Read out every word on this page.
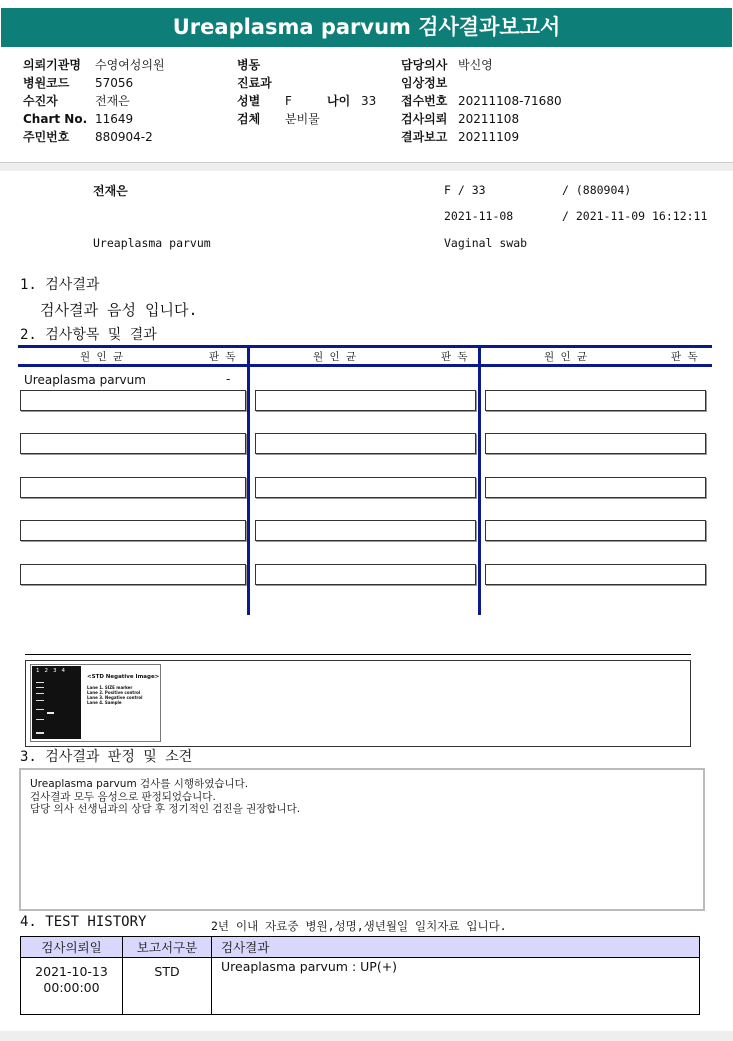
Ureaplasma parvum 검사결과보고서
의뢰기관명 수영여성의원
병원코드 57056
수진자	전재은
Chart No. 11649
주민번호 880904-2
병동
진료과
성별 F	나이 33
검체 분비물
담당의사 박신영
임상정보
접수번호 20211108-71680
검사의뢰 20211108
결과보고 20211109
전재은	F / 33	/ (880904)
2021-11-08	/ 2021-11-09 16:12:11
Ureaplasma parvum	Vaginal swab
1. 검사결과
검사결과 음성 입니다.
2. 검사항목 및 결과
원 인 균	판 독	원 인 균	판 독	원 인 균	판 독
Ureaplasma parvum	-
1234
<STD Negative Image>
Lane 1. SIZE marker
Lane 2. Positive control
Lane 3. Negative control
Lane 4. Sample
3. 검사결과 판정 및 소견
Ureaplasma parvum 검사를 시행하였습니다.
검사결과 모두 음성으로 판정되었습니다.
담당 의사 선생님과의 상담 후 정기적인 검진을 권장합니다.
4. TEST HISTORY	2년 이내 자료중 병원,성명,생년월일 일치자료 입니다.
검사의뢰일	보고서구분	검사결과

2021-10-13
00:00:00	STD	Ureaplasma parvum : UP(+)
